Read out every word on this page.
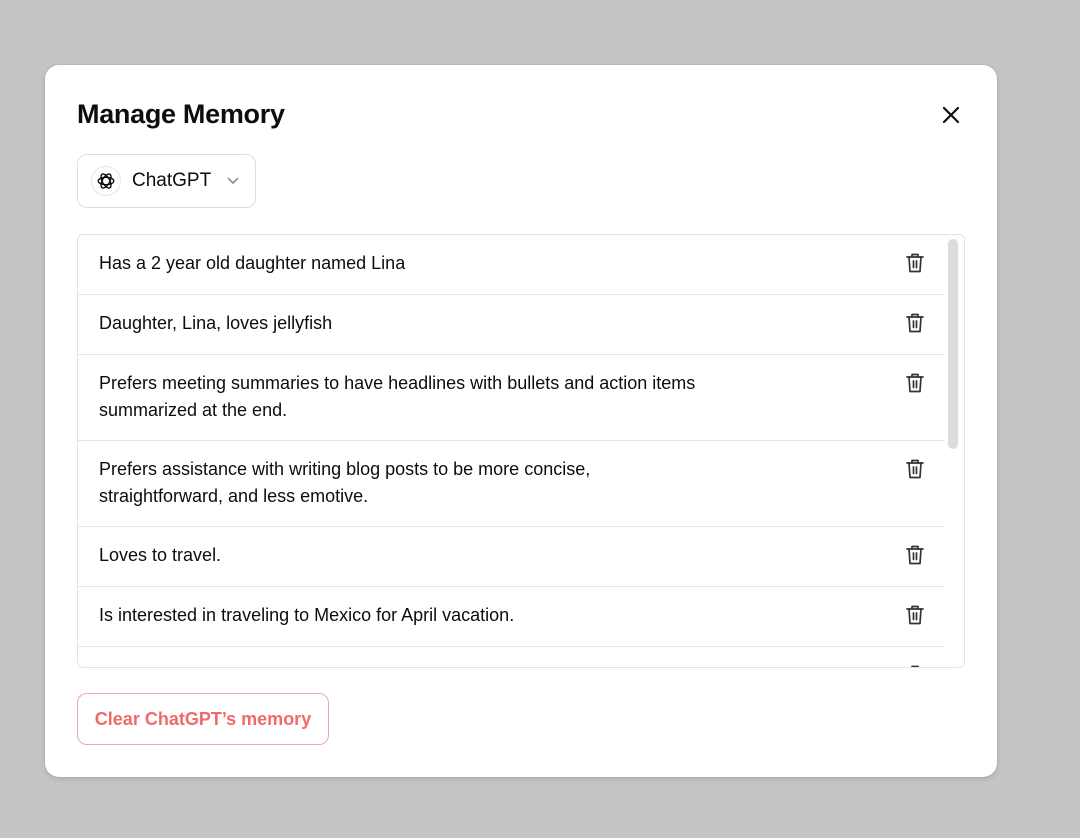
Manage Memory
ChatGPT
Has a 2 year old daughter named Lina
Daughter, Lina, loves jellyfish
Prefers meeting summaries to have headlines with bullets and action items summarized at the end.
Prefers assistance with writing blog posts to be more concise, straightforward, and less emotive.
Loves to travel.
Is interested in traveling to Mexico for April vacation.
Clear ChatGPT’s memory
